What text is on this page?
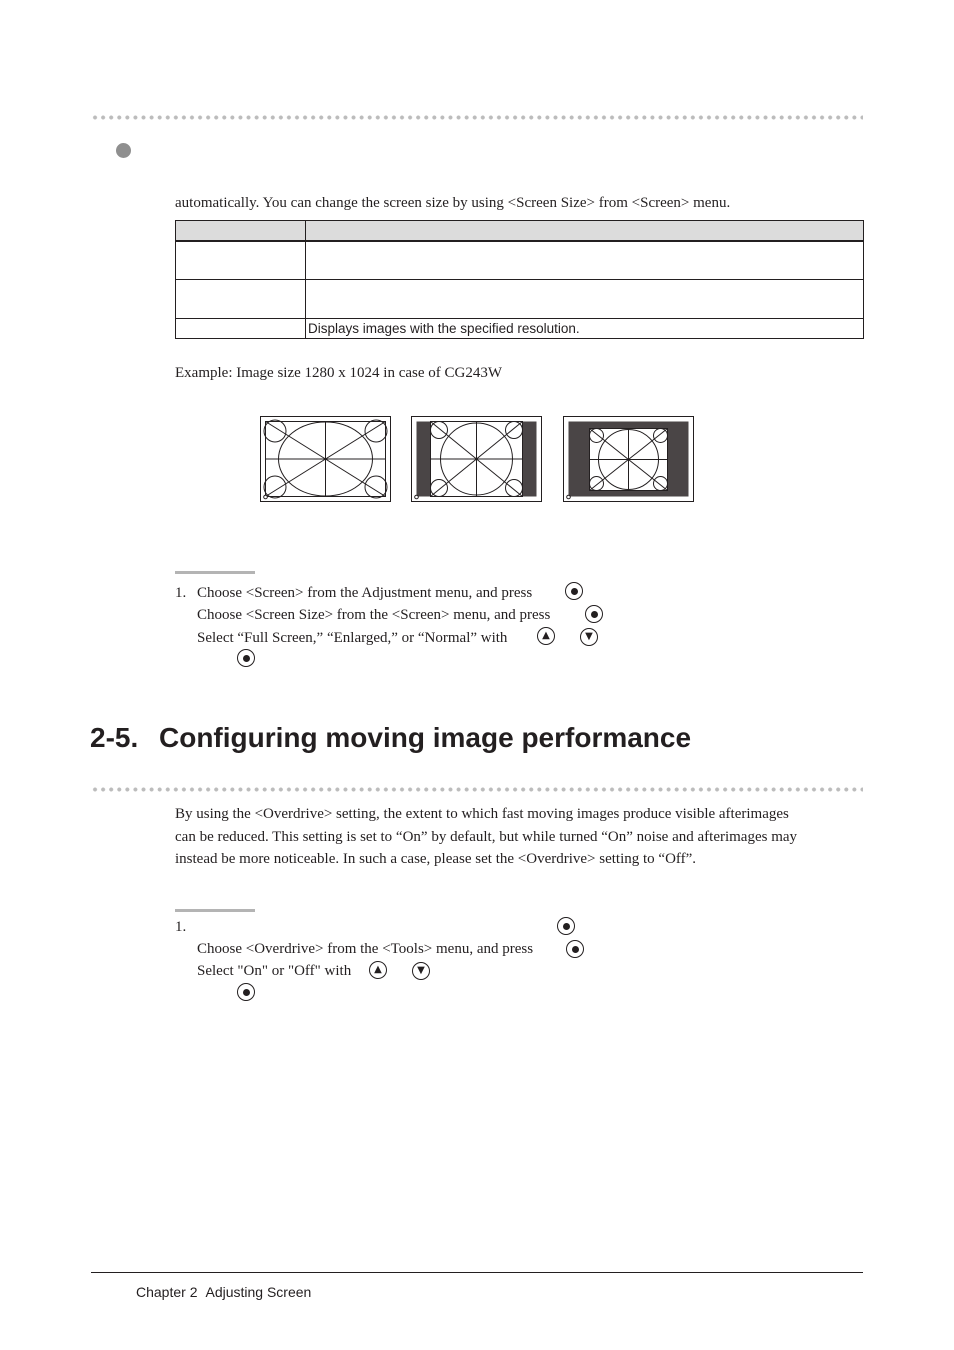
automatically. You can change the screen size by using <Screen Size> from <Screen> menu.

	Displays images with the specified resolution.
Example: Image size 1280 x 1024 in case of CG243W
1. Choose <Screen> from the Adjustment menu, and press
Choose <Screen Size> from the <Screen> menu, and press
Select “Full Screen,” “Enlarged,” or “Normal” with	▲	▼
2-5. Configuring moving image performance
By using the <Overdrive> setting, the extent to which fast moving images produce visible afterimages
can be reduced. This setting is set to “On” by default, but while turned “On” noise and afterimages may
instead be more noticeable. In such a case, please set the <Overdrive> setting to “Off”.
1.
Choose <Overdrive> from the <Tools> menu, and press
Select "On" or "Off" with	▲	▼
Chapter 2 Adjusting Screen
